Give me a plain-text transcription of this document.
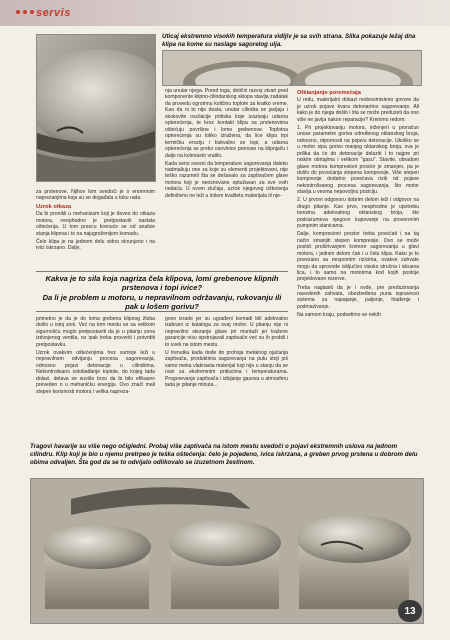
servis
Uticaj ekstremno visokih temperatura vidljiv je sa svih strana. Slika pokazuje ležaj dna klipa na kome su naslage sagorelog ulja.

za prstenove. Njihov lom svedoči je o enormnim naprezanjima koja su se događala u toku rada.

Uzrok otkaza

Da bi pronikli u mehanizam koji je doveo do otkaza motora, neophodno je pretpostaviti nastala oštećenja. U tom pravcu krenuće se od analize stanja klipova i to na najugroženijem komadu.

Čelo klipa je na jednom delu vidno okrunjeno i na ivici iskrzano. Dalje,

nja unutar njega. Pored toga, dotični razvoj stvari pred komponente klipno-cilindarskog sklopa stavlja zadatak da provedu ogromnu količinu toplote za kratko vreme. Kao da ni to nije dosta, unutar cilindra se javljaju i skokovite oscilacije pritiska koje izazivaju udarna opterećenja, te kroz kontakt klipa sa prstenovima oštećuju površine i lome grebenove. Toplotna opterećenja su toliko izražena, da lice klipa trpi termičku eroziju i bukvalno se topi, a udarna opterećenja se preko osovinice prenose na klipnjaču i dalje na kolenasto vratilo.

Kada seno svesni da temperature sagorevanja daleko nadmašuju one za koje su elementi projektovani, nije teško razumeti šta se dešavalo sa zaptivačem glave motora koji je neosnovano optužavan za sve ovih nedaća. U ovom slučaju, uzrok njegovog oštećenja definitivno ne leži u lošem kvalitetu materijala ili nje-

Otklanjanje poremećaja

U redu, materijalni dokazi nedvosmisleno govore da je uzrok pojave kvara detonantno sagorevanje. Ali kako je do njega došlo i šta se može preduzeti da ono više ne javlja nakon reparacije? Krenimo redom:

1. Pri projektovanju motora, inženjeri u proračun unose parametre goriva određenog oktanskog broja, odnosno, otpornosti na pojavu detonacije. Ukoliko se u motor sipa gorivo manjeg oktanskog broja, sva je prilika da će do detonacije dolaziti i to najpre pri niskim obrtajima i velikom "gasu". Stavite, obradom glave motora kompresioni prostor je smanjen, pa je došlo do povećanja stepena kompresije. Više stepen kompresije dodatno povećava rizik od pojave nekontrolisanog procesa sagorevanja, što motor stavlja u veoma nepovoljnu poziciju.

2. U prvom odgovoru dobrim delom leži i odgovor na drugo pitanje. Kao prvo, neophodno je upotrebu benzina adekvatnog oktanskog broja, što podrazumeva njegovo kupovanje na proverenim pumpnim stanicama.

Dalje, kompresioni prostor treba povećati i na taj način smanjiti stepen kompresije. Ovo se može postići proširivanjem komore sagorevanja u glavi motora, i jednim delom čak i u čelu klipa. Kako je to povezano sa nespornim rizicima, ovakve zahvate mogu da sprovode isključivo visoko stručna i iskusna lica, i to samo na motorima kod kojih postoje projektovane rezerve.

Treba naglasiti da je i ovde, pre preduzimanja navedenih zahvata, obezbeđena puna ispravnost sistema za napajanje, paljenje, hlađenje i podmazivanje.

Na samom kraju, podsetimo se nekih

Kakva je to sila koja nagriza čela klipova, lomi grebenove klipnih prstenova i topi ivice?
Da li je problem u motoru, u nepravilnom održavanju, rukovanju ili pak u lošem gorivu?

primetno je da je do loma grebena klipnog žleba došlo u istoj zoni. Već na tom mestu se sa velikom sigurnošću moglo pretpostaviti da je u pitanju zona izdvojenog ventila, no ipak treba proveriti i potvrditi pretpostavku.

Uzrok ovakvim oštećenjima hez sumnje leži u nepravilnom odvijanju procesa sagorevanja, odnosno pojavi detonacije u cilindrima. Nekontrolisano oslobađanje toplote, do kojeg tada dolazi, delava se suviše brzo da bi bilo efikasno preveden o u mehaničku energiju. Ovo znači mali stepen korisnosti motora i velika napreza-

gove izrade jer su ugrađeni komadi bili adekvatno izabrani iz kataloga za ovaj motor. U pitanju nije ni nepravilno stezanje glave pri montaži jer tražene garancije nisu opstrujavali zaptivače već su ih probili i to uvek na istom mestu.

U trenutku kada dođe do prohoja metalnog ojačanja zaptivača, produktima sagorevanja na putu stoji još samo meka vlaknasta materijal koji nije u stanju da se nosi sa ekstremnim pritiscima i temperaturama. Progorevanje zaptivača i izbijanje gasova u atmosferu tada je pitanje minuta...

Tragovi havarije su više nego očigledni. Probaj više zaptivača na istom mestu svedoči o pojavi ekstremnih uslova na jednom cilindru. Klip koji je bio u njemu pretrpeo je teška oštećenja: čelo je pojedeno, ivica iskrzana, a greben prvog prstena u dobrom delu obima odvaljen. Šta god da se to odvijalo odlikovalo se izuzetnom žestinom.
13
